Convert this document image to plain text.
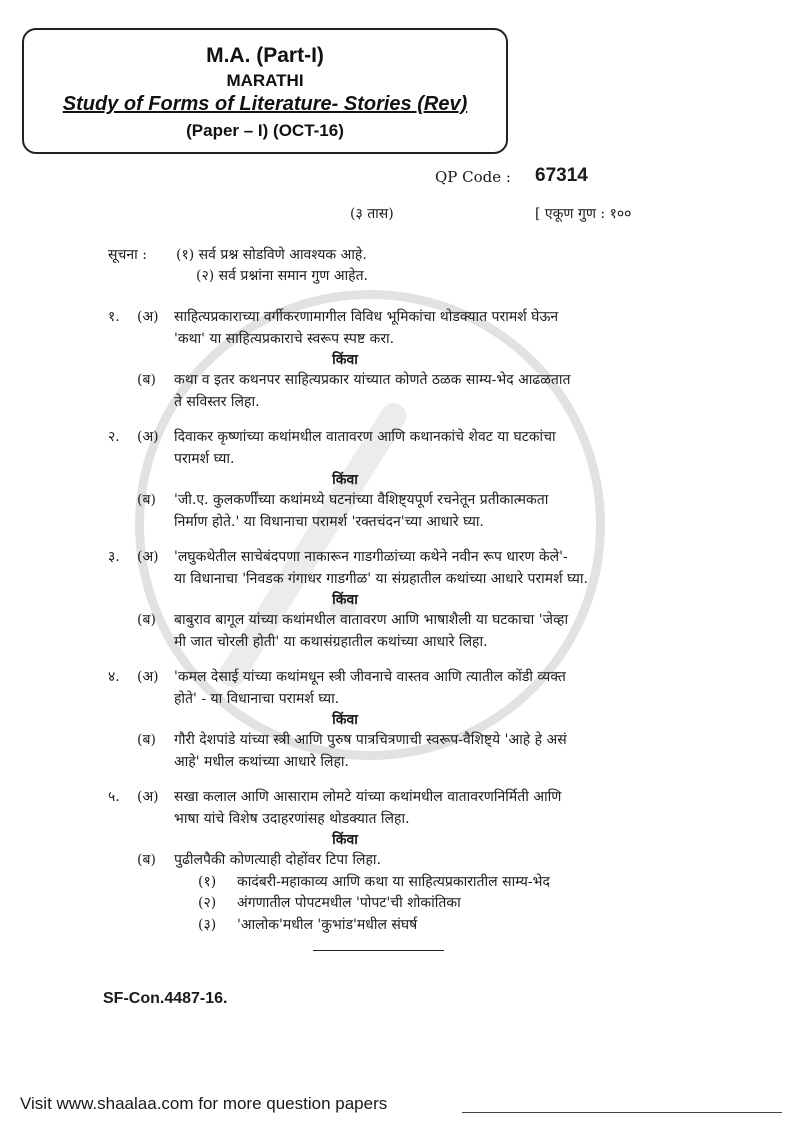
M.A. (Part-I)
MARATHI
Study of Forms of Literature- Stories (Rev)
(Paper – I) (OCT-16)
QP Code : 67314
(३ तास)	[ एकूण गुण : १००
सूचना :	(१) सर्व प्रश्न सोडविणे आवश्यक आहे.
(२) सर्व प्रश्नांना समान गुण आहेत.
१.	(अ)	साहित्यप्रकाराच्या वर्गीकरणामागील विविध भूमिकांचा थोडक्यात परामर्श घेऊन
'कथा' या साहित्यप्रकाराचे स्वरूप स्पष्ट करा.
किंवा
(ब)	कथा व इतर कथनपर साहित्यप्रकार यांच्यात कोणते ठळक साम्य-भेद आढळतात
ते सविस्तर लिहा.
२.	(अ)	दिवाकर कृष्णांच्या कथांमधील वातावरण आणि कथानकांचे शेवट या घटकांचा
परामर्श घ्या.
किंवा
(ब)	'जी.ए. कुलकर्णींच्या कथांमध्ये घटनांच्या वैशिष्ट्यपूर्ण रचनेतून प्रतीकात्मकता
निर्माण होते.' या विधानाचा परामर्श 'रक्तचंदन'च्या आधारे घ्या.
३.	(अ)	'लघुकथेतील साचेबंदपणा नाकारून गाडगीळांच्या कथेने नवीन रूप धारण केले'-
या विधानाचा 'निवडक गंगाधर गाडगीळ' या संग्रहातील कथांच्या आधारे परामर्श घ्या.
किंवा
(ब)	बाबुराव बागूल यांच्या कथांमधील वातावरण आणि भाषाशैली या घटकाचा 'जेव्हा
मी जात चोरली होती' या कथासंग्रहातील कथांच्या आधारे लिहा.
४.	(अ)	'कमल देसाई यांच्या कथांमधून स्त्री जीवनाचे वास्तव आणि त्यातील कोंडी व्यक्त
होते' - या विधानाचा परामर्श घ्या.
किंवा
(ब)	गौरी देशपांडे यांच्या स्त्री आणि पुरुष पात्रचित्रणाची स्वरूप-वैशिष्ट्ये 'आहे हे असं
आहे' मधील कथांच्या आधारे लिहा.
५.	(अ)	सखा कलाल आणि आसाराम लोमटे यांच्या कथांमधील वातावरणनिर्मिती आणि
भाषा यांचे विशेष उदाहरणांसह थोडक्यात लिहा.
किंवा
(ब)	पुढीलपैकी कोणत्याही दोहोंवर टिपा लिहा.
(१)	कादंबरी-महाकाव्य आणि कथा या साहित्यप्रकारातील साम्य-भेद
(२)	अंगणातील पोपटमधील 'पोपट'ची शोकांतिका
(३)	'आलोक'मधील 'कुभांड'मधील संघर्ष
SF-Con.4487-16.
Visit www.shaalaa.com for more question papers
